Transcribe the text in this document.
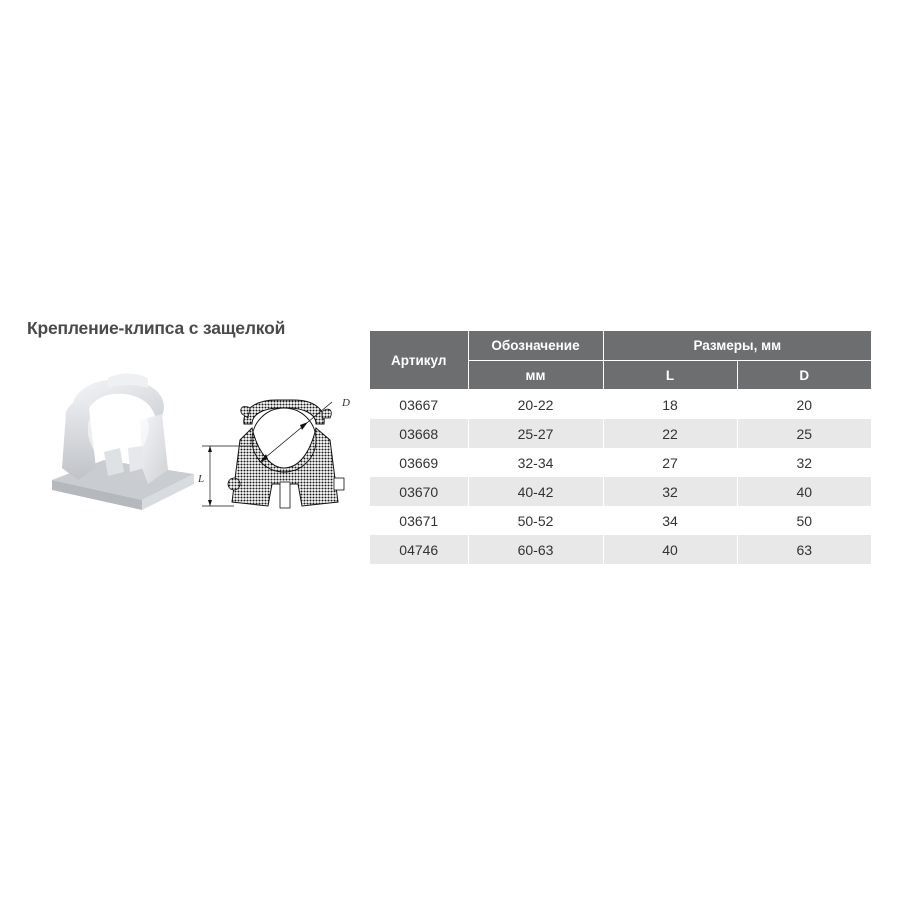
Крепление-клипса с защелкой
L
D
Артикул	Обозначение	Размеры, мм	
	мм	L	D
03667	20-22	18	20
03668	25-27	22	25
03669	32-34	27	32
03670	40-42	32	40
03671	50-52	34	50
04746	60-63	40	63
